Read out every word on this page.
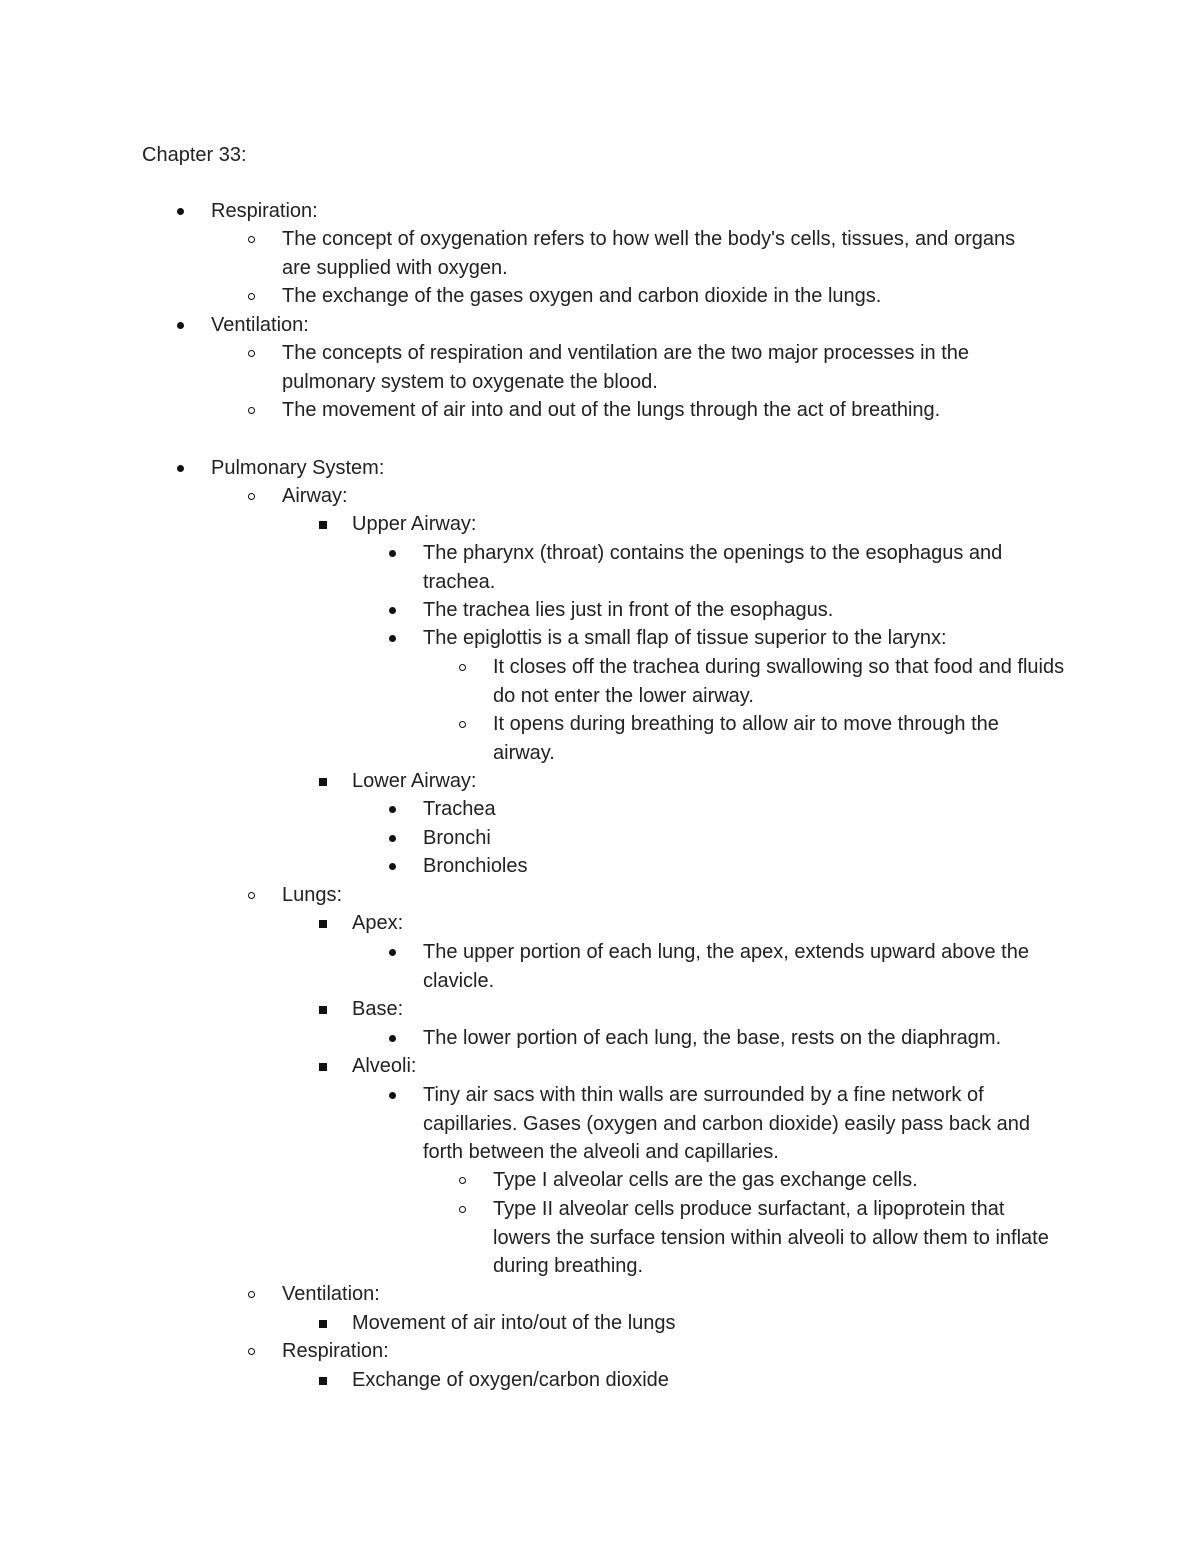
Chapter 33:

Respiration:

The concept of oxygenation refers to how well the body's cells, tissues, and organs are supplied with oxygen.

The exchange of the gases oxygen and carbon dioxide in the lungs.

Ventilation:

The concepts of respiration and ventilation are the two major processes in the pulmonary system to oxygenate the blood.

The movement of air into and out of the lungs through the act of breathing.

Pulmonary System:

Airway:

Upper Airway:

The pharynx (throat) contains the openings to the esophagus and trachea.

The trachea lies just in front of the esophagus.

The epiglottis is a small flap of tissue superior to the larynx:

It closes off the trachea during swallowing so that food and fluids do not enter the lower airway.

It opens during breathing to allow air to move through the airway.

Lower Airway:

Trachea

Bronchi

Bronchioles

Lungs:

Apex:

The upper portion of each lung, the apex, extends upward above the clavicle.

Base:

The lower portion of each lung, the base, rests on the diaphragm.

Alveoli:

Tiny air sacs with thin walls are surrounded by a fine network of capillaries. Gases (oxygen and carbon dioxide) easily pass back and forth between the alveoli and capillaries.

Type I alveolar cells are the gas exchange cells.

Type II alveolar cells produce surfactant, a lipoprotein that lowers the surface tension within alveoli to allow them to inflate during breathing.

Ventilation:

Movement of air into/out of the lungs

Respiration:

Exchange of oxygen/carbon dioxide
